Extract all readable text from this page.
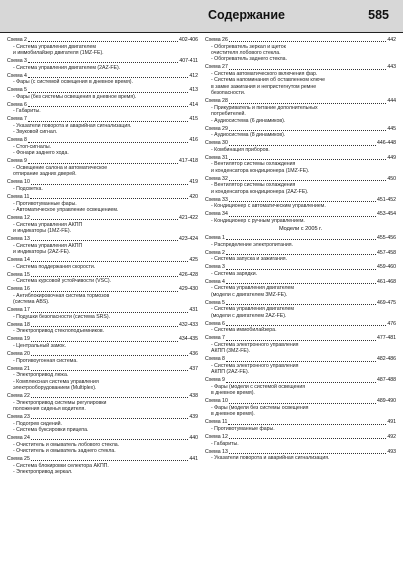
Содержание	585
Схема 2	402-406
- Система управления двигателем
и иммобилайзер двигателя (1MZ-FE).
Схема 3	407-411
- Система управления двигателем (2AZ-FE).
Схема 4	412
- Фары (с системой освещения в дневное время).
Схема 5	413
- Фары (без системы освещения в дневное время).
Схема 6	414
- Габариты.
Схема 7	415
- Указатели поворота и аварийная сигнализация.
- Звуковой сигнал.
Схема 8	416
- Стоп-сигналы.
- Фонари заднего хода.
Схема 9	417-418
- Освещение салона и автоматическое
отпирание задних дверей.
Схема 10	419
- Подсветка.
Схема 11	420
- Противотуманные фары.
- Автоматическое управление освещением.
Схема 12	421-422
- Система управления АКПП
и индикаторы (1MZ-FE).
Схема 13	423-424
- Система управления АКПП
и индикаторы (2AZ-FE).
Схема 14	425
- Система поддержания скорости.
Схема 15	426-428
- Система курсовой устойчивости (VSC).
Схема 16	429-430
- Антиблокировочная система тормозов
(система ABS).
Схема 17	431
- Подушки безопасности (система SRS).
Схема 18	432-433
- Электропривод стеклоподъемников.
Схема 19	434-435
- Центральный замок.
Схема 20	436
- Противоугонная система.
Схема 21	437
- Электропривод люка.
- Комплексная система управления
электрооборудованием (Multiplex).
Схема 22	438
- Электропривод системы регулировки
положения сиденья водителя.
Схема 23	439
- Подогрев сидений.
- Система буксировки прицепа.
Схема 24	440
- Очиститель и омыватель лобового стекла.
- Очиститель и омыватель заднего стекла.
Схема 25	441
- Система блокировки селектора АКПП.
- Электропривод зеркал.
Схема 26	442
- Обогреватель зеркал и щеток
очистителя лобового стекла.
- Обогреватель заднего стекла.
Схема 27	443
- Система автоматического включения фар.
- Система напоминания об оставленном ключе
в замке зажигания и непристегнутом ремне
безопасности.
Схема 28	444
- Прикуриватель и питание дополнительных
потребителей.
- Аудиосистема (6 динамиков).
Схема 29	445
- Аудиосистема (8 динамиков).
Схема 30	446-448
- Комбинация приборов.
Схема 31	449
- Вентилятор системы охлаждения
и конденсатора кондиционера (1MZ-FE).
Схема 32	450
- Вентилятор системы охлаждения
и конденсатора кондиционера (2AZ-FE).
Схема 33	451-452
- Кондиционер с автоматическим управлением.
Схема 34	453-454
- Кондиционер с ручным управлением.
Модели с 2005 г.
Схема 1	455-456
- Распределение электропитания.
Схема 2	457-458
- Система запуска и зажигания.
Схема 3	459-460
- Система зарядки.
Схема 4	461-468
- Система управления двигателем
(модели с двигателем 3MZ-FE).
Схема 5	469-475
- Система управления двигателем
(модели с двигателем 2AZ-FE).
Схема 6	476
- Система иммобилайзера.
Схема 7	477-481
- Система электронного управления
АКПП (3MZ-FE).
Схема 8	482-486
- Система электронного управления
АКПП (2AZ-FE).
Схема 9	487-488
- Фары (модели с системой освещения
в дневное время).
Схема 10	489-490
- Фары (модели без системы освещения
в дневное время).
Схема 11	491
- Противотуманные фары.
Схема 12	492
- Габариты.
Схема 13	493
- Указатели поворота и аварийная сигнализация.
